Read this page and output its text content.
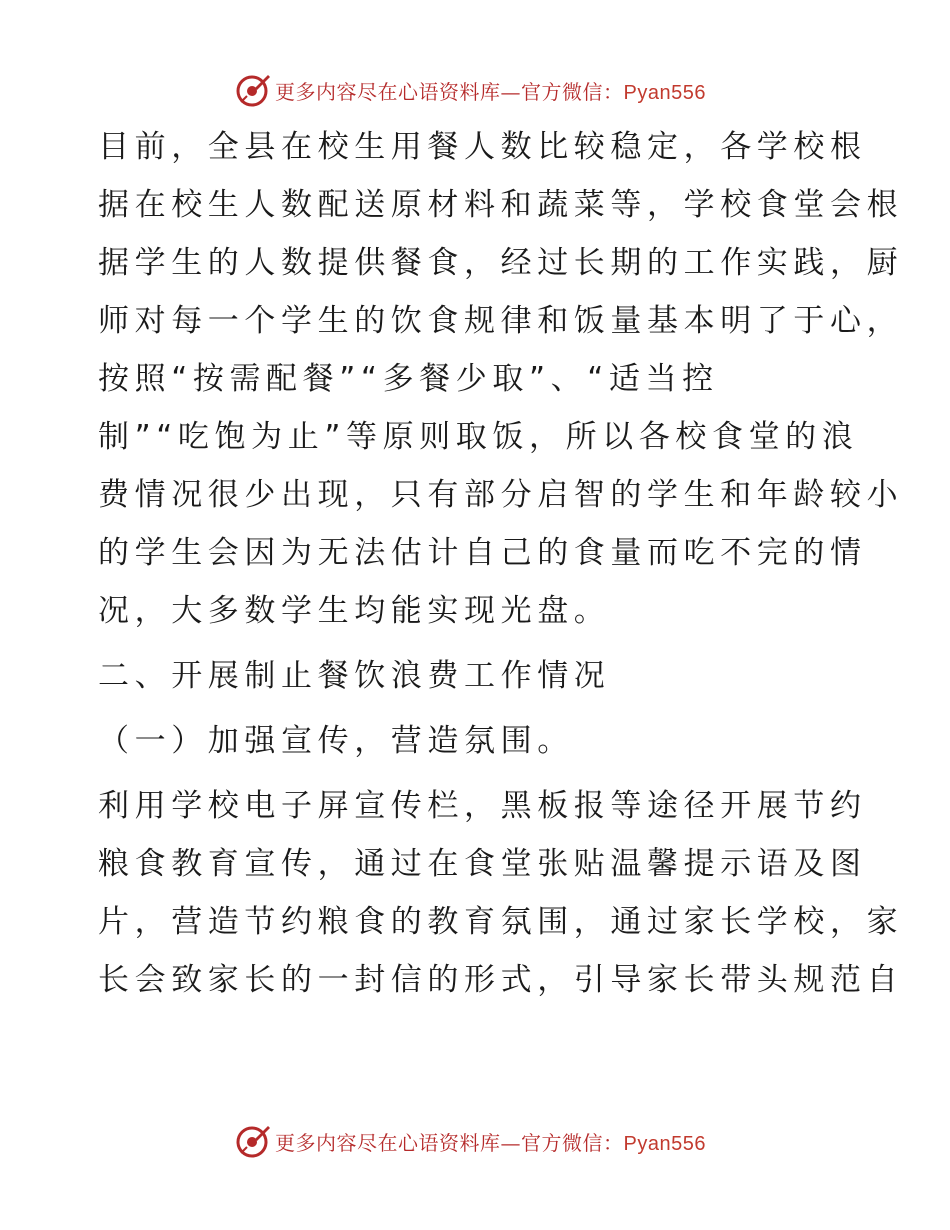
更多内容尽在心语资料库—官方微信：Pyan556

目前，全县在校生用餐人数比较稳定，各学校根
据在校生人数配送原材料和蔬菜等，学校食堂会根
据学生的人数提供餐食，经过长期的工作实践，厨
师对每一个学生的饮食规律和饭量基本明了于心，
按照“按需配餐”“多餐少取”、“适当控
制”“吃饱为止”等原则取饭，所以各校食堂的浪
费情况很少出现，只有部分启智的学生和年龄较小
的学生会因为无法估计自己的食量而吃不完的情
况，大多数学生均能实现光盘。

二、开展制止餐饮浪费工作情况

（一）加强宣传，营造氛围。

利用学校电子屏宣传栏，黑板报等途径开展节约
粮食教育宣传，通过在食堂张贴温馨提示语及图
片，营造节约粮食的教育氛围，通过家长学校，家
长会致家长的一封信的形式，引导家长带头规范自

更多内容尽在心语资料库—官方微信：Pyan556
